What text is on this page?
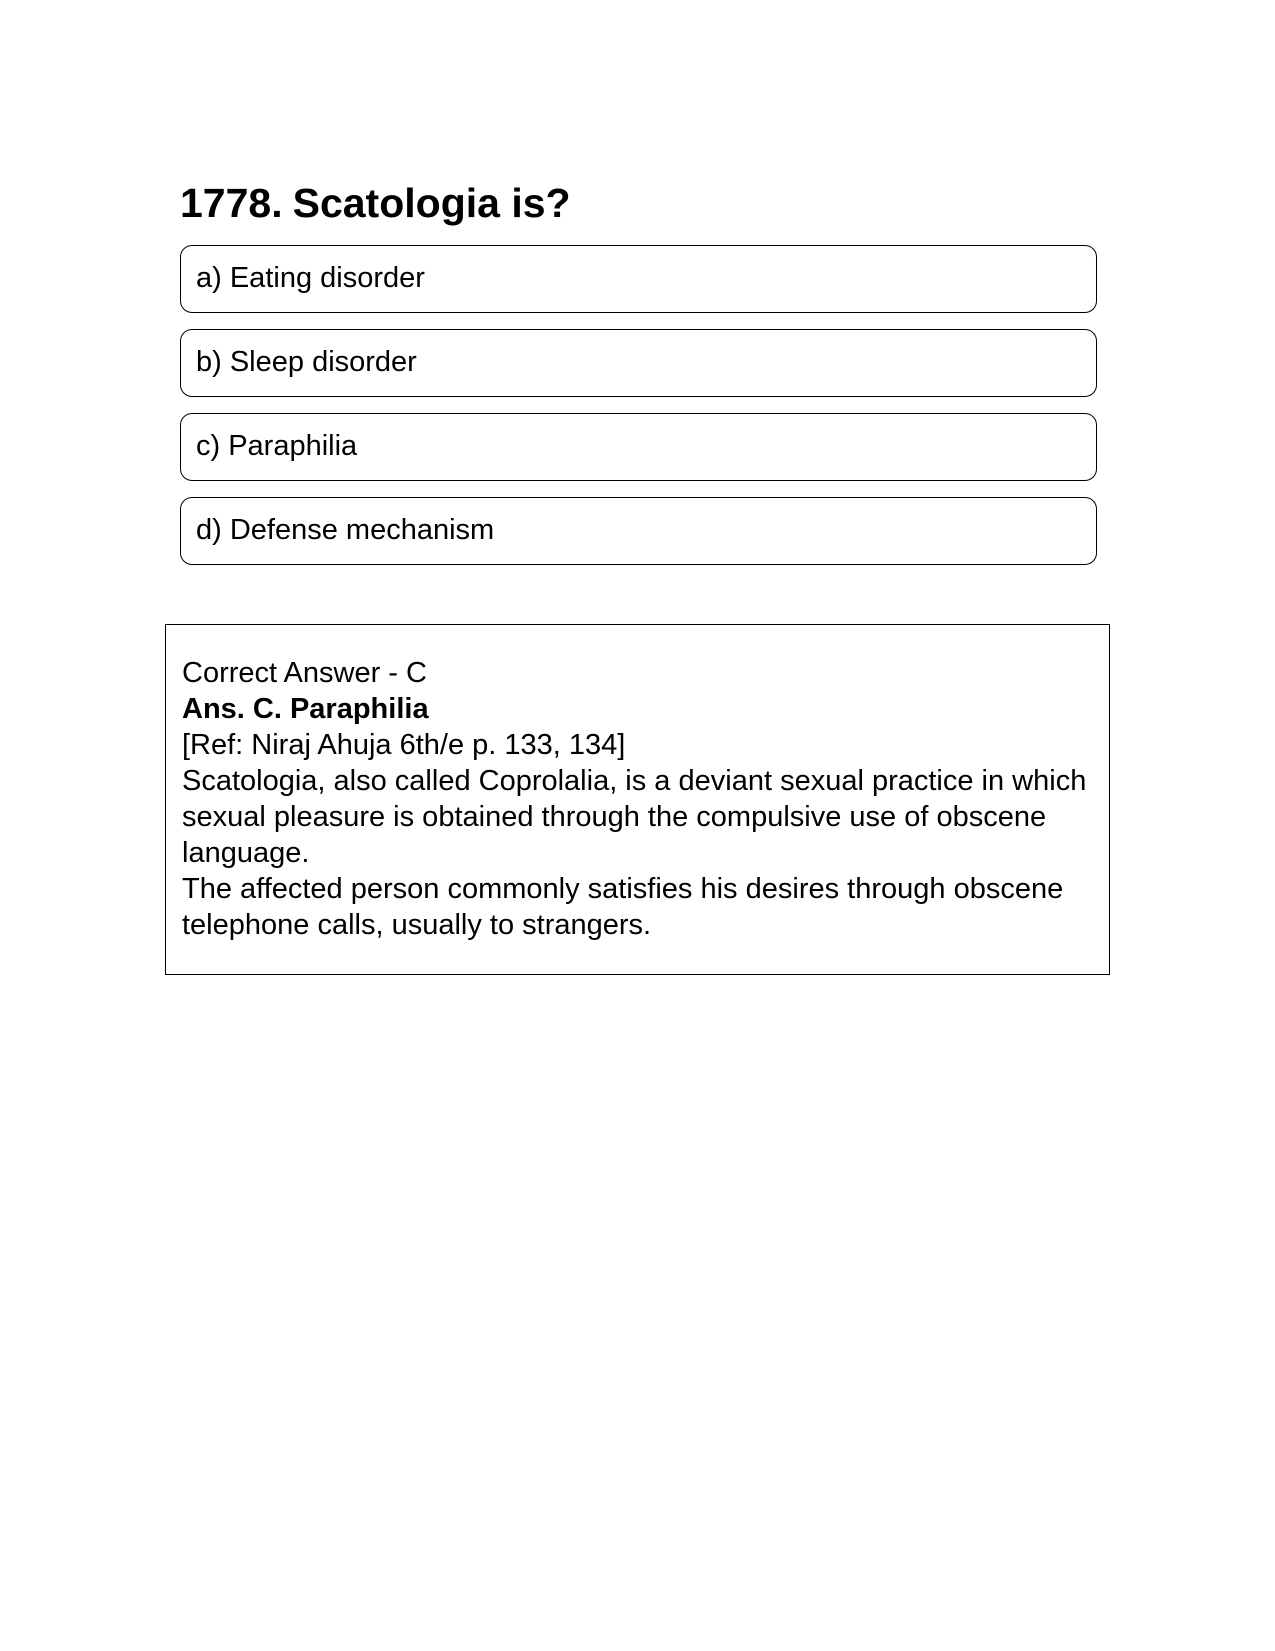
1778. Scatologia is?
a) Eating disorder
b) Sleep disorder
c) Paraphilia
d) Defense mechanism

Correct Answer - C

Ans. C. Paraphilia

[Ref: Niraj Ahuja 6th/e p. 133, 134]

Scatologia, also called Coprolalia, is a deviant sexual practice in which sexual pleasure is obtained through the compulsive use of obscene language.

The affected person commonly satisfies his desires through obscene telephone calls, usually to strangers.
